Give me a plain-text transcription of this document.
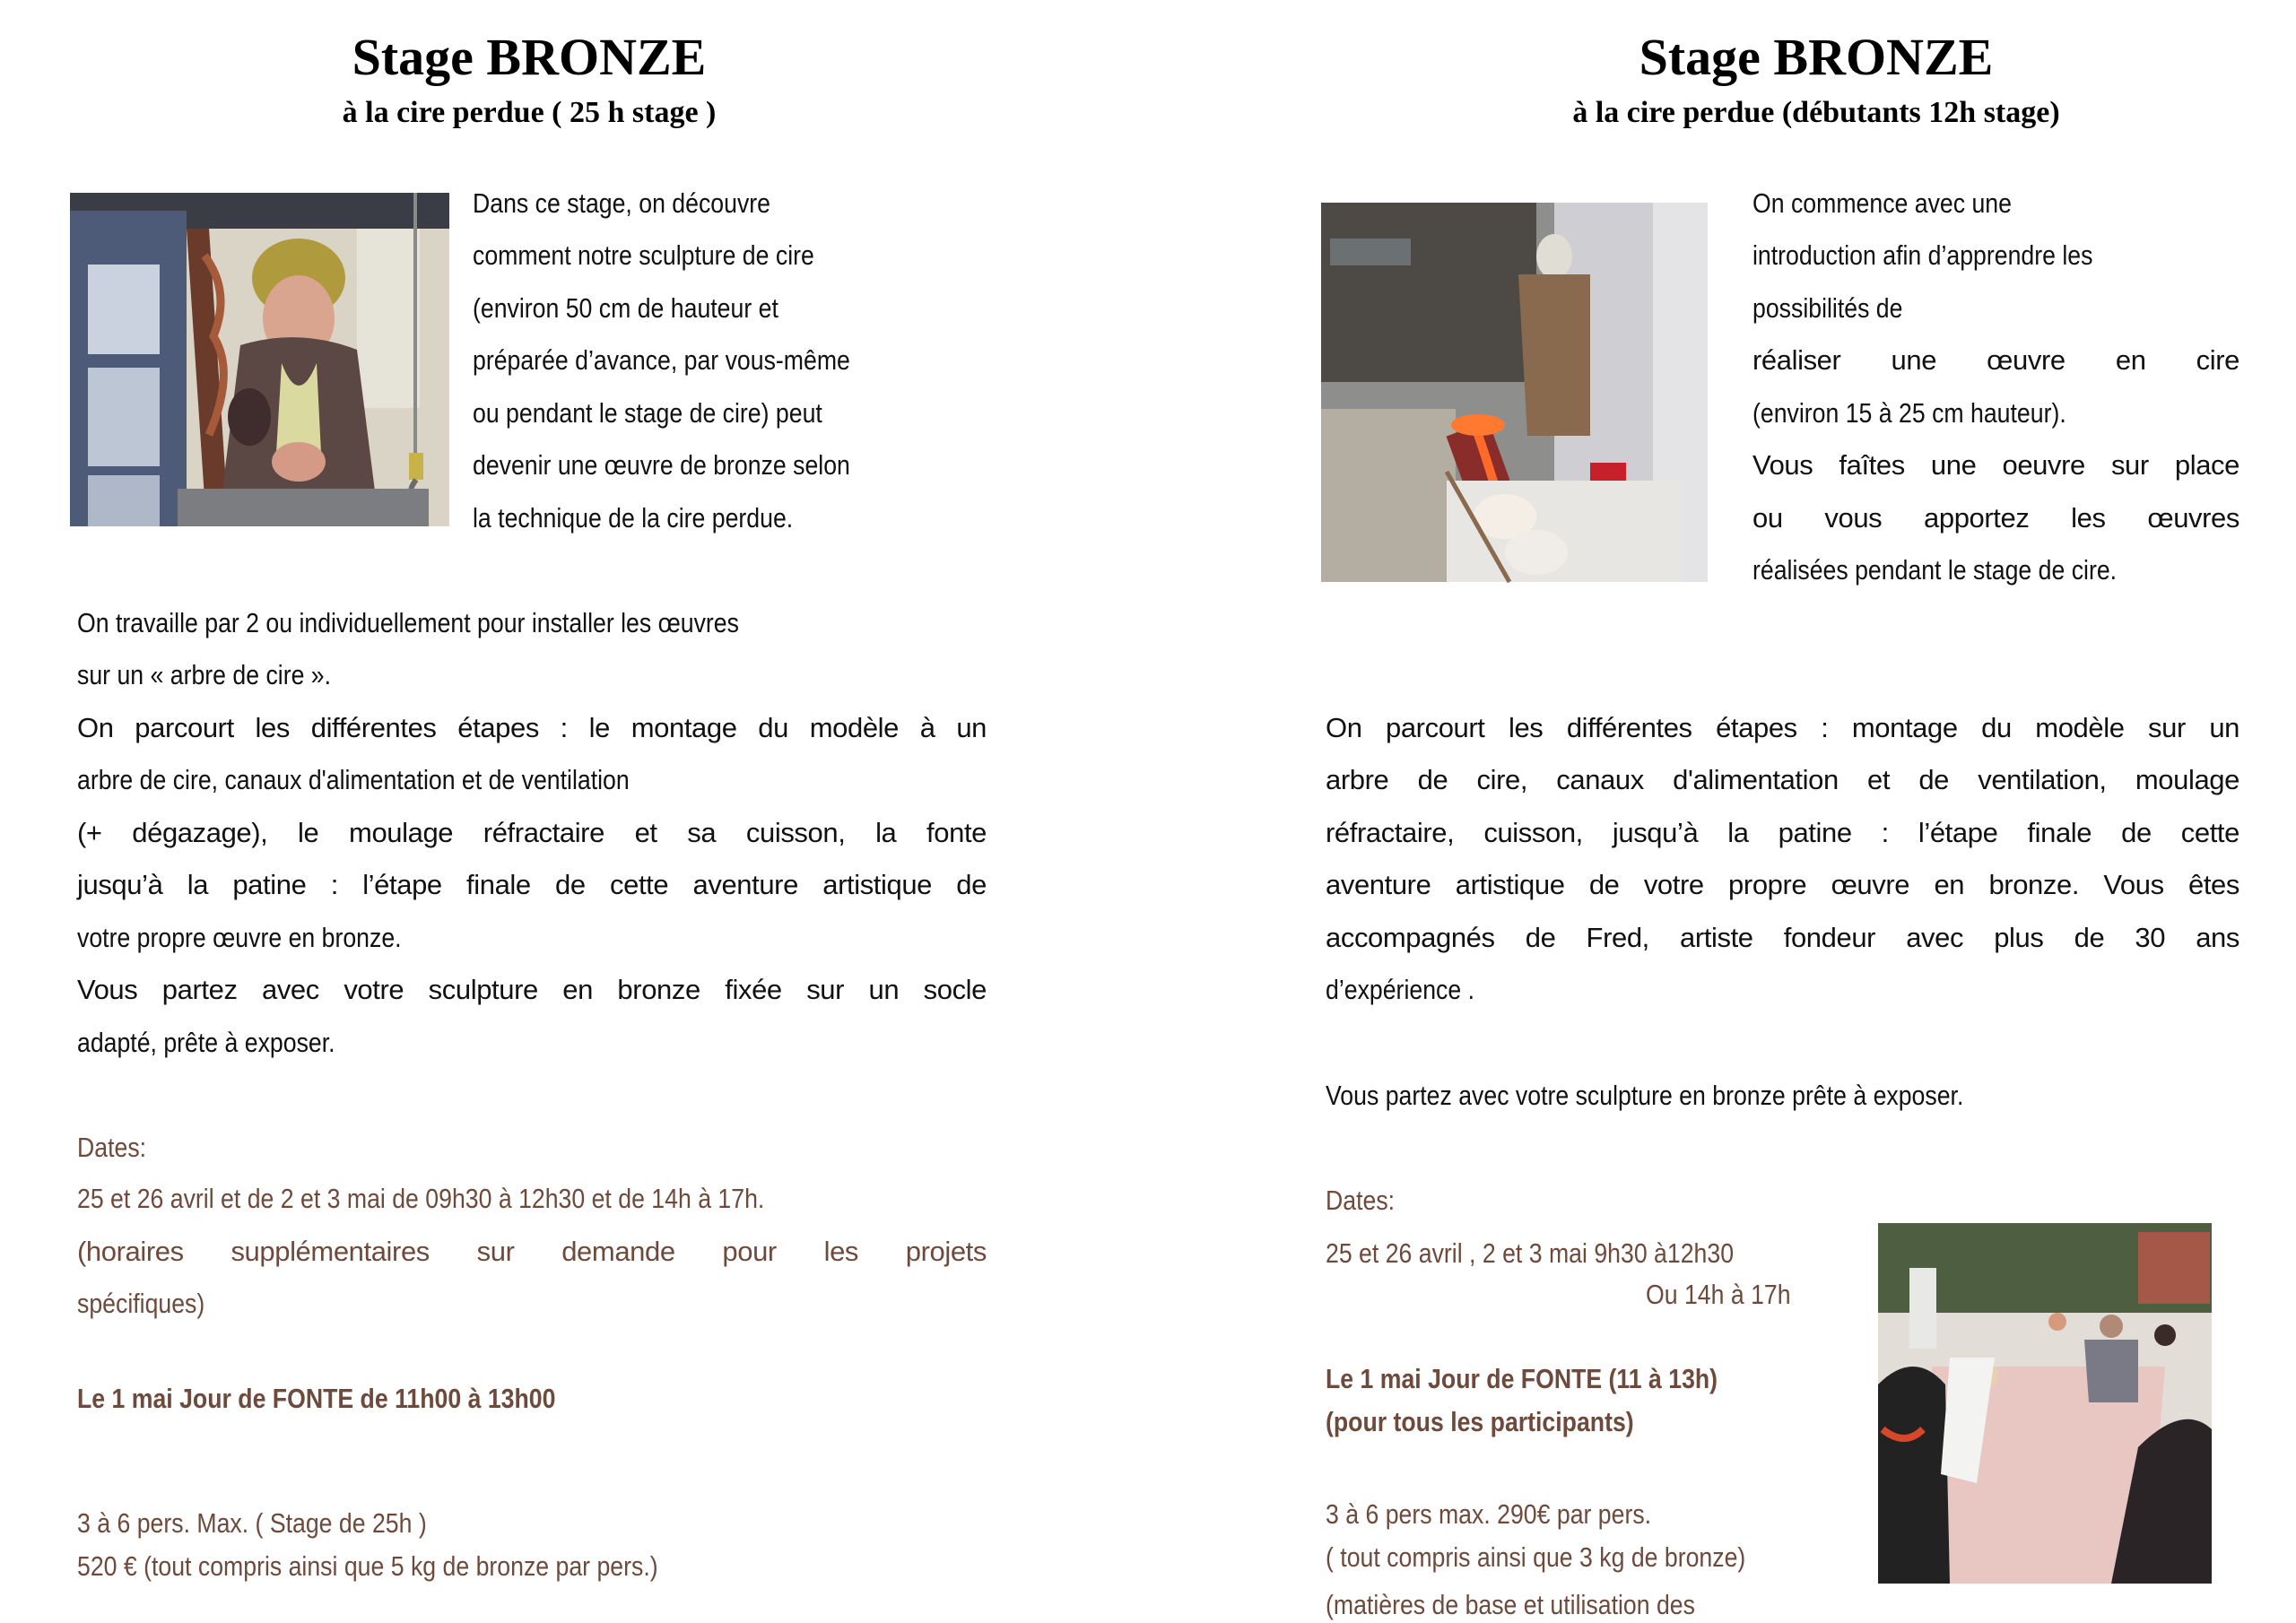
Stage BRONZE
à la cire perdue ( 25 h stage )
Dans ce stage, on découvre
comment notre sculpture de cire
(environ 50 cm de hauteur et
préparée d’avance, par vous-même
ou pendant le stage de cire) peut
devenir une œuvre de bronze selon
la technique de la cire perdue.
On travaille par 2 ou individuellement pour installer les œuvres
sur un « arbre de cire ».
On parcourt les différentes étapes : le montage du modèle à un
arbre de cire, canaux d'alimentation et de ventilation
(+ dégazage), le moulage réfractaire et sa cuisson, la fonte
jusqu’à la patine : l’étape finale de cette aventure artistique de
votre propre œuvre en bronze.
Vous partez avec votre sculpture en bronze fixée sur un socle
adapté, prête à exposer.
Dates:
25 et 26 avril et de 2 et 3 mai de 09h30 à 12h30 et de 14h à 17h.
(horaires supplémentaires sur demande pour les projets
spécifiques)
Le 1 mai Jour de FONTE de 11h00 à 13h00
3 à 6 pers. Max. ( Stage de 25h )
520 € (tout compris ainsi que 5 kg de bronze par pers.)
Stage BRONZE
à la cire perdue (débutants 12h stage)
On commence avec une
introduction afin d’apprendre les
possibilités de
réaliser une œuvre en cire
(environ 15 à 25 cm hauteur).
Vous faîtes une oeuvre sur place
ou vous apportez les œuvres
réalisées pendant le stage de cire.
On parcourt les différentes étapes : montage du modèle sur un
arbre de cire, canaux d'alimentation et de ventilation, moulage
réfractaire, cuisson, jusqu’à la patine : l’étape finale de cette
aventure artistique de votre propre œuvre en bronze. Vous êtes
accompagnés de Fred, artiste fondeur avec plus de 30 ans
d’expérience .
Vous partez avec votre sculpture en bronze prête à exposer.
Dates:
25 et 26 avril , 2 et 3 mai 9h30 à12h30
Ou 14h à 17h
Le 1 mai Jour de FONTE (11 à 13h)
(pour tous les participants)
3 à 6 pers max. 290€ par pers.
( tout compris ainsi que 3 kg de bronze)
(matières de base et utilisation des
